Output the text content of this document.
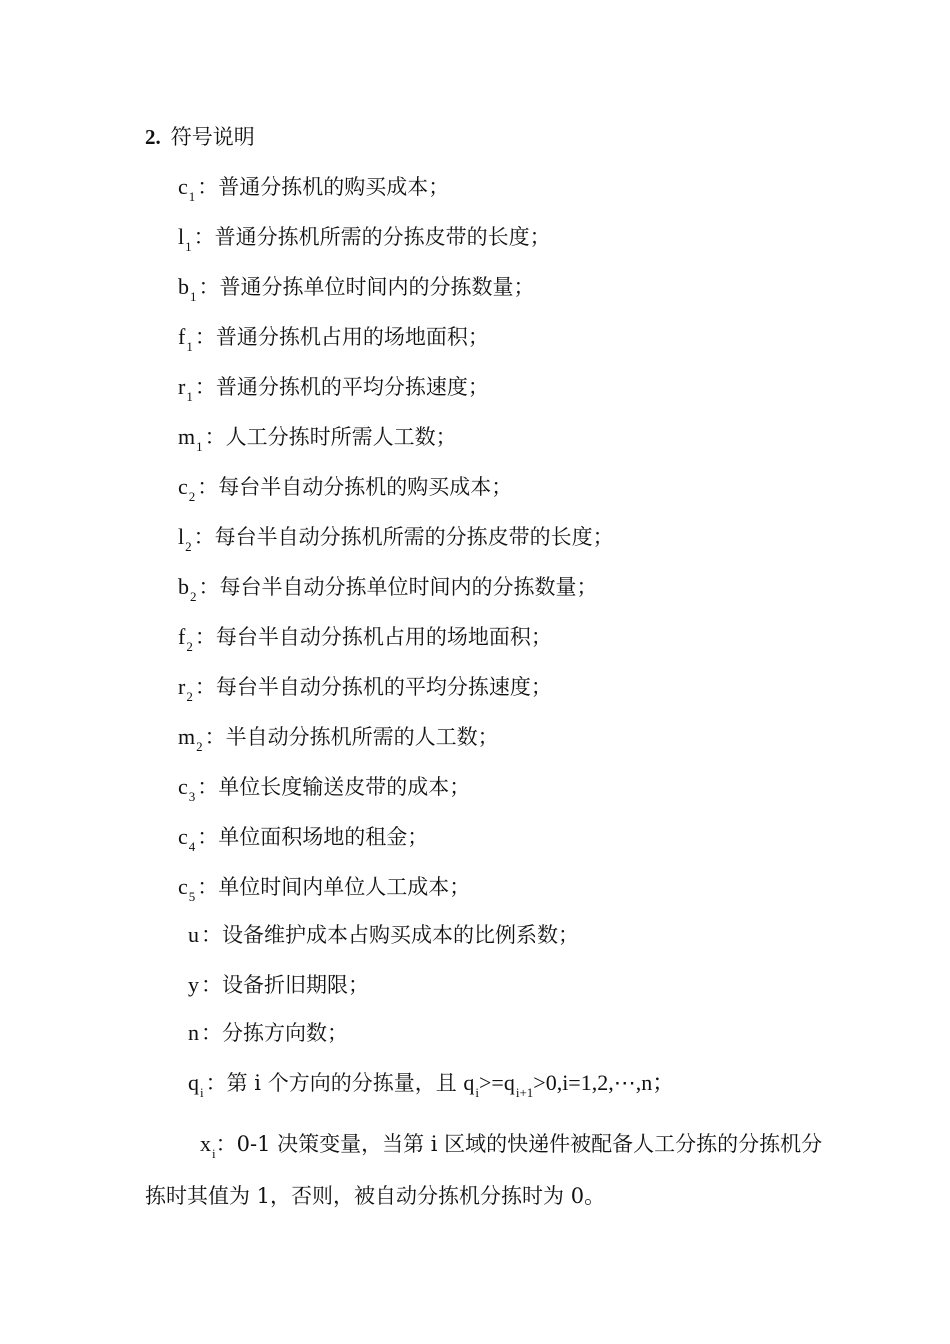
2. 符号说明
$c_1$：普通分拣机的购买成本；
$l_1$：普通分拣机所需的分拣皮带的长度；
$b_1$：普通分拣单位时间内的分拣数量；
$f_1$：普通分拣机占用的场地面积；
$r_1$：普通分拣机的平均分拣速度；
$m_1$：人工分拣时所需人工数；
$c_2$：每台半自动分拣机的购买成本；
$l_2$：每台半自动分拣机所需的分拣皮带的长度；
$b_2$：每台半自动分拣单位时间内的分拣数量；
$f_2$：每台半自动分拣机占用的场地面积；
$r_2$：每台半自动分拣机的平均分拣速度；
$m_2$：半自动分拣机所需的人工数；
$c_3$：单位长度输送皮带的成本；
$c_4$：单位面积场地的租金；
$c_5$：单位时间内单位人工成本；
u：设备维护成本占购买成本的比例系数；
y：设备折旧期限；
n：分拣方向数；
$q_i$：第 i 个方向的分拣量，且 $q_i>=q_{i+1}>0,i=1,2,\cdots,n$；
$x_i$：0-1 决策变量，当第 i 区域的快递件被配备人工分拣的分拣机分拣时其值为 1，否则，被自动分拣机分拣时为 0。
